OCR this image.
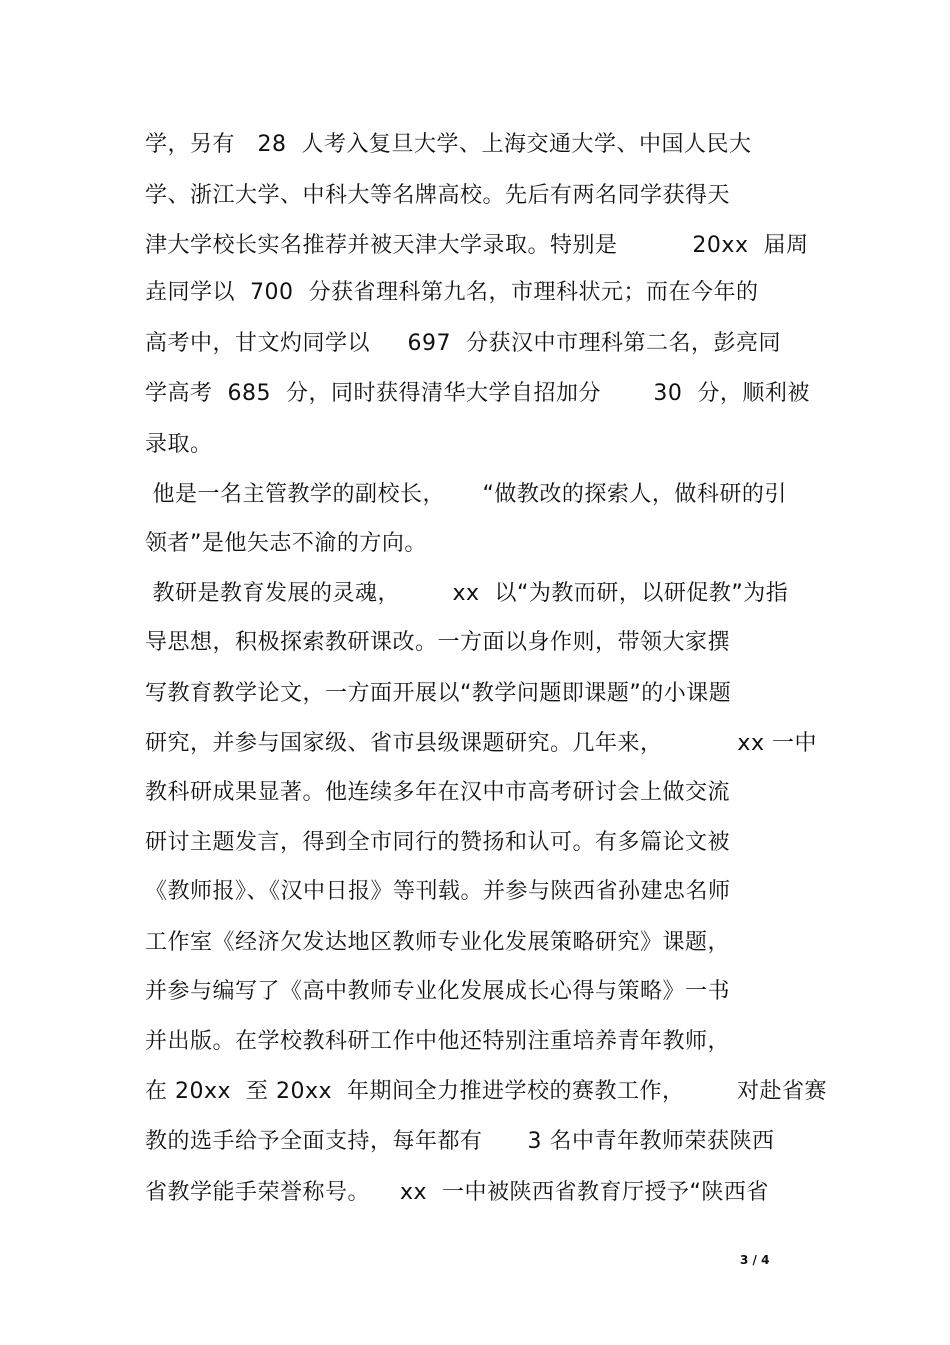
学，另有   28  人考入复旦大学、上海交通大学、中国人民大
学、浙江大学、中科大等名牌高校。先后有两名同学获得天
津大学校长实名推荐并被天津大学录取。特别是          20xx  届周
垚同学以  700  分获省理科第九名，市理科状元；而在今年的
高考中，甘文灼同学以     697  分获汉中市理科第二名，彭亮同
学高考  685  分，同时获得清华大学自招加分       30  分，顺利被
录取。
他是一名主管教学的副校长，     “做教改的探索人，做科研的引
领者”是他矢志不渝的方向。
教研是教育发展的灵魂，       xx  以“为教而研，以研促教”为指
导思想，积极探索教研课改。一方面以身作则，带领大家撰
写教育教学论文，一方面开展以“教学问题即课题”的小课题
研究，并参与国家级、省市县级课题研究。几年来，          xx 一中
教科研成果显著。他连续多年在汉中市高考研讨会上做交流
研讨主题发言，得到全市同行的赞扬和认可。有多篇论文被
《教师报》、《汉中日报》等刊载。并参与陕西省孙建忠名师
工作室《经济欠发达地区教师专业化发展策略研究》课题，
并参与编写了《高中教师专业化发展成长心得与策略》一书
并出版。在学校教科研工作中他还特别注重培养青年教师，
在 20xx  至 20xx  年期间全力推进学校的赛教工作，       对赴省赛
教的选手给予全面支持，每年都有      3 名中青年教师荣获陕西
省教学能手荣誉称号。    xx  一中被陕西省教育厅授予“陕西省
3 / 4
